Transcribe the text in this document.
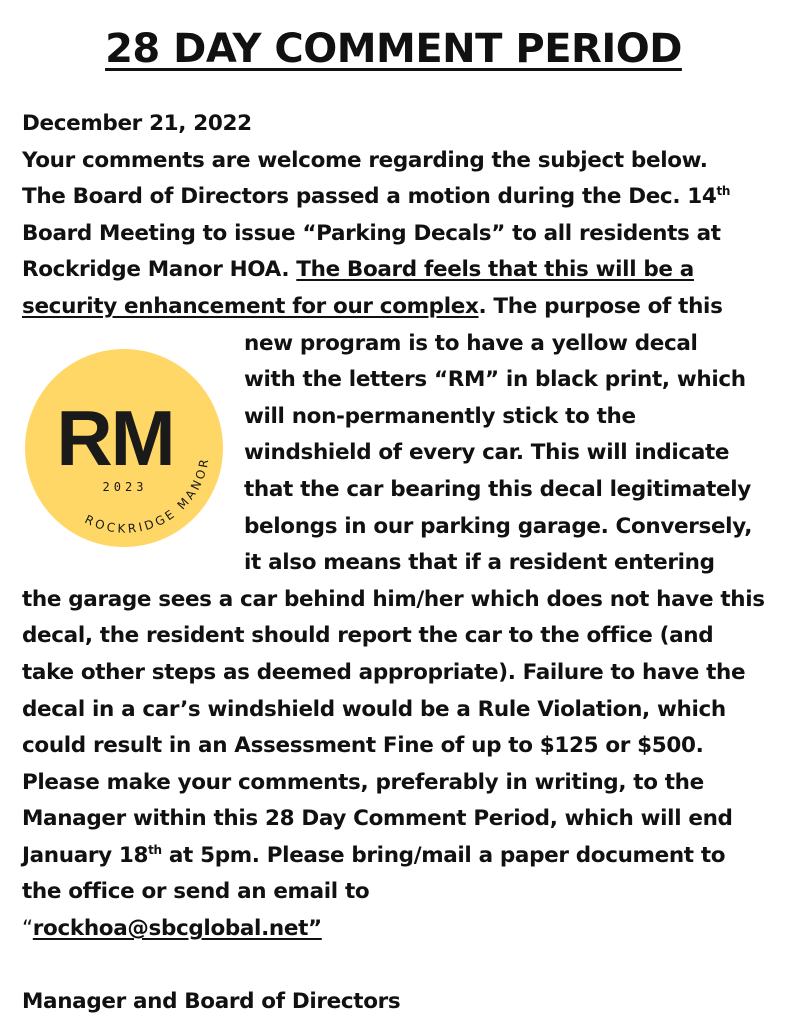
28 DAY COMMENT PERIOD
RM
2023
ROCKRIDGE MANOR
December 21, 2022
Your comments are welcome regarding the subject below.
The Board of Directors passed a motion during the Dec. 14th
Board Meeting to issue “Parking Decals” to all residents at
Rockridge Manor HOA. The Board feels that this will be a
security enhancement for our complex. The purpose of this
new program is to have a yellow decal
with the letters “RM” in black print, which
will non-permanently stick to the
windshield of every car. This will indicate
that the car bearing this decal legitimately
belongs in our parking garage. Conversely,
it also means that if a resident entering
the garage sees a car behind him/her which does not have this
decal, the resident should report the car to the office (and
take other steps as deemed appropriate). Failure to have the
decal in a car’s windshield would be a Rule Violation, which
could result in an Assessment Fine of up to $125 or $500.
Please make your comments, preferably in writing, to the
Manager within this 28 Day Comment Period, which will end
January 18th at 5pm. Please bring/mail a paper document to
the office or send an email to
“rockhoa@sbcglobal.net”
Manager and Board of Directors
